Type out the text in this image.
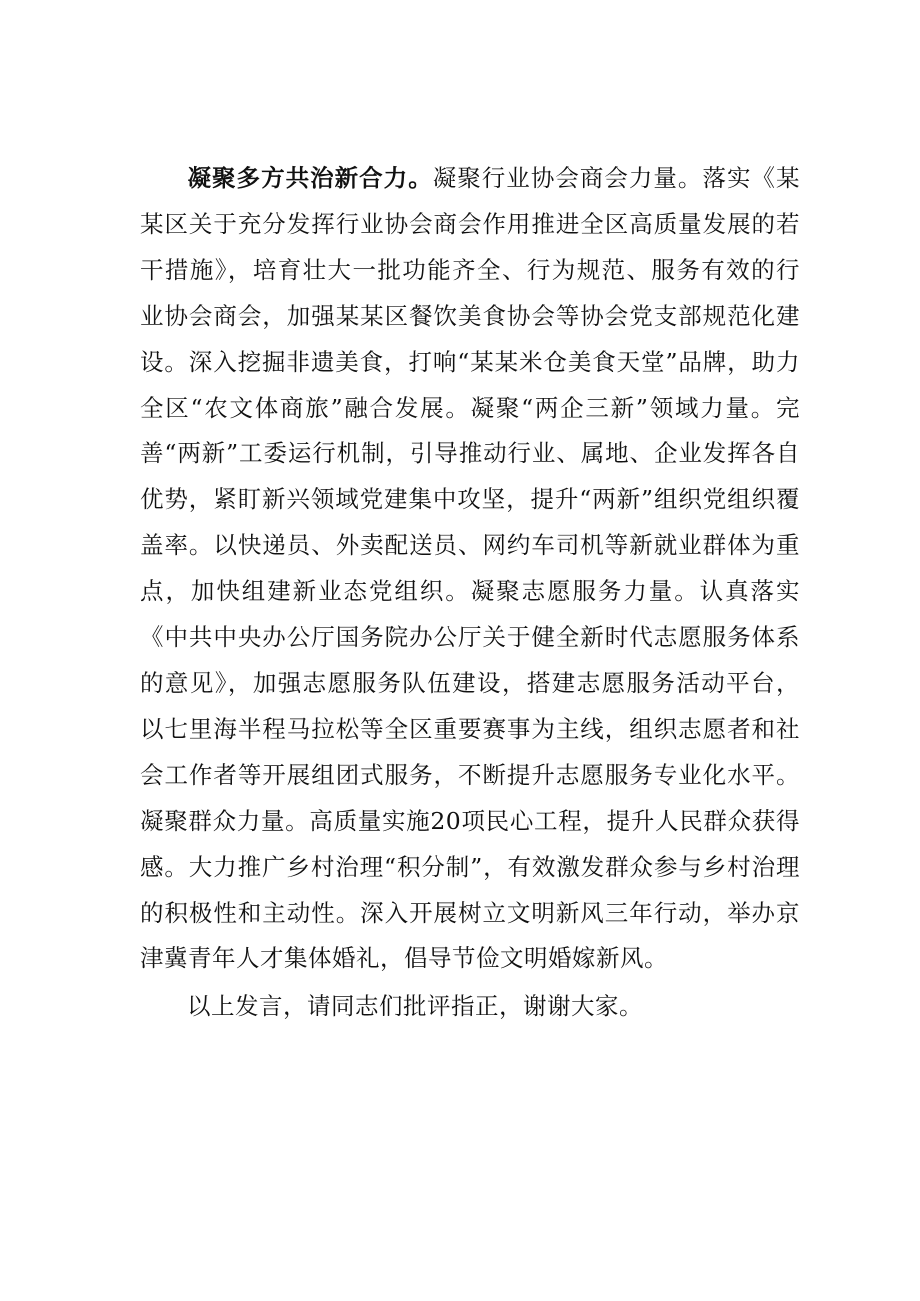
凝聚多方共治新合力。凝聚行业协会商会力量。落实《某某区关于充分发挥行业协会商会作用推进全区高质量发展的若干措施》，培育壮大一批功能齐全、行为规范、服务有效的行业协会商会，加强某某区餐饮美食协会等协会党支部规范化建设。深入挖掘非遗美食，打响“某某米仓美食天堂”品牌，助力全区“农文体商旅”融合发展。凝聚“两企三新”领域力量。完善“两新”工委运行机制，引导推动行业、属地、企业发挥各自优势，紧盯新兴领域党建集中攻坚，提升“两新”组织党组织覆盖率。以快递员、外卖配送员、网约车司机等新就业群体为重点，加快组建新业态党组织。凝聚志愿服务力量。认真落实《中共中央办公厅国务院办公厅关于健全新时代志愿服务体系的意见》，加强志愿服务队伍建设，搭建志愿服务活动平台，以七里海半程马拉松等全区重要赛事为主线，组织志愿者和社会工作者等开展组团式服务，不断提升志愿服务专业化水平。凝聚群众力量。高质量实施20项民心工程，提升人民群众获得感。大力推广乡村治理“积分制”，有效激发群众参与乡村治理的积极性和主动性。深入开展树立文明新风三年行动，举办京津冀青年人才集体婚礼，倡导节俭文明婚嫁新风。

以上发言，请同志们批评指正，谢谢大家。
